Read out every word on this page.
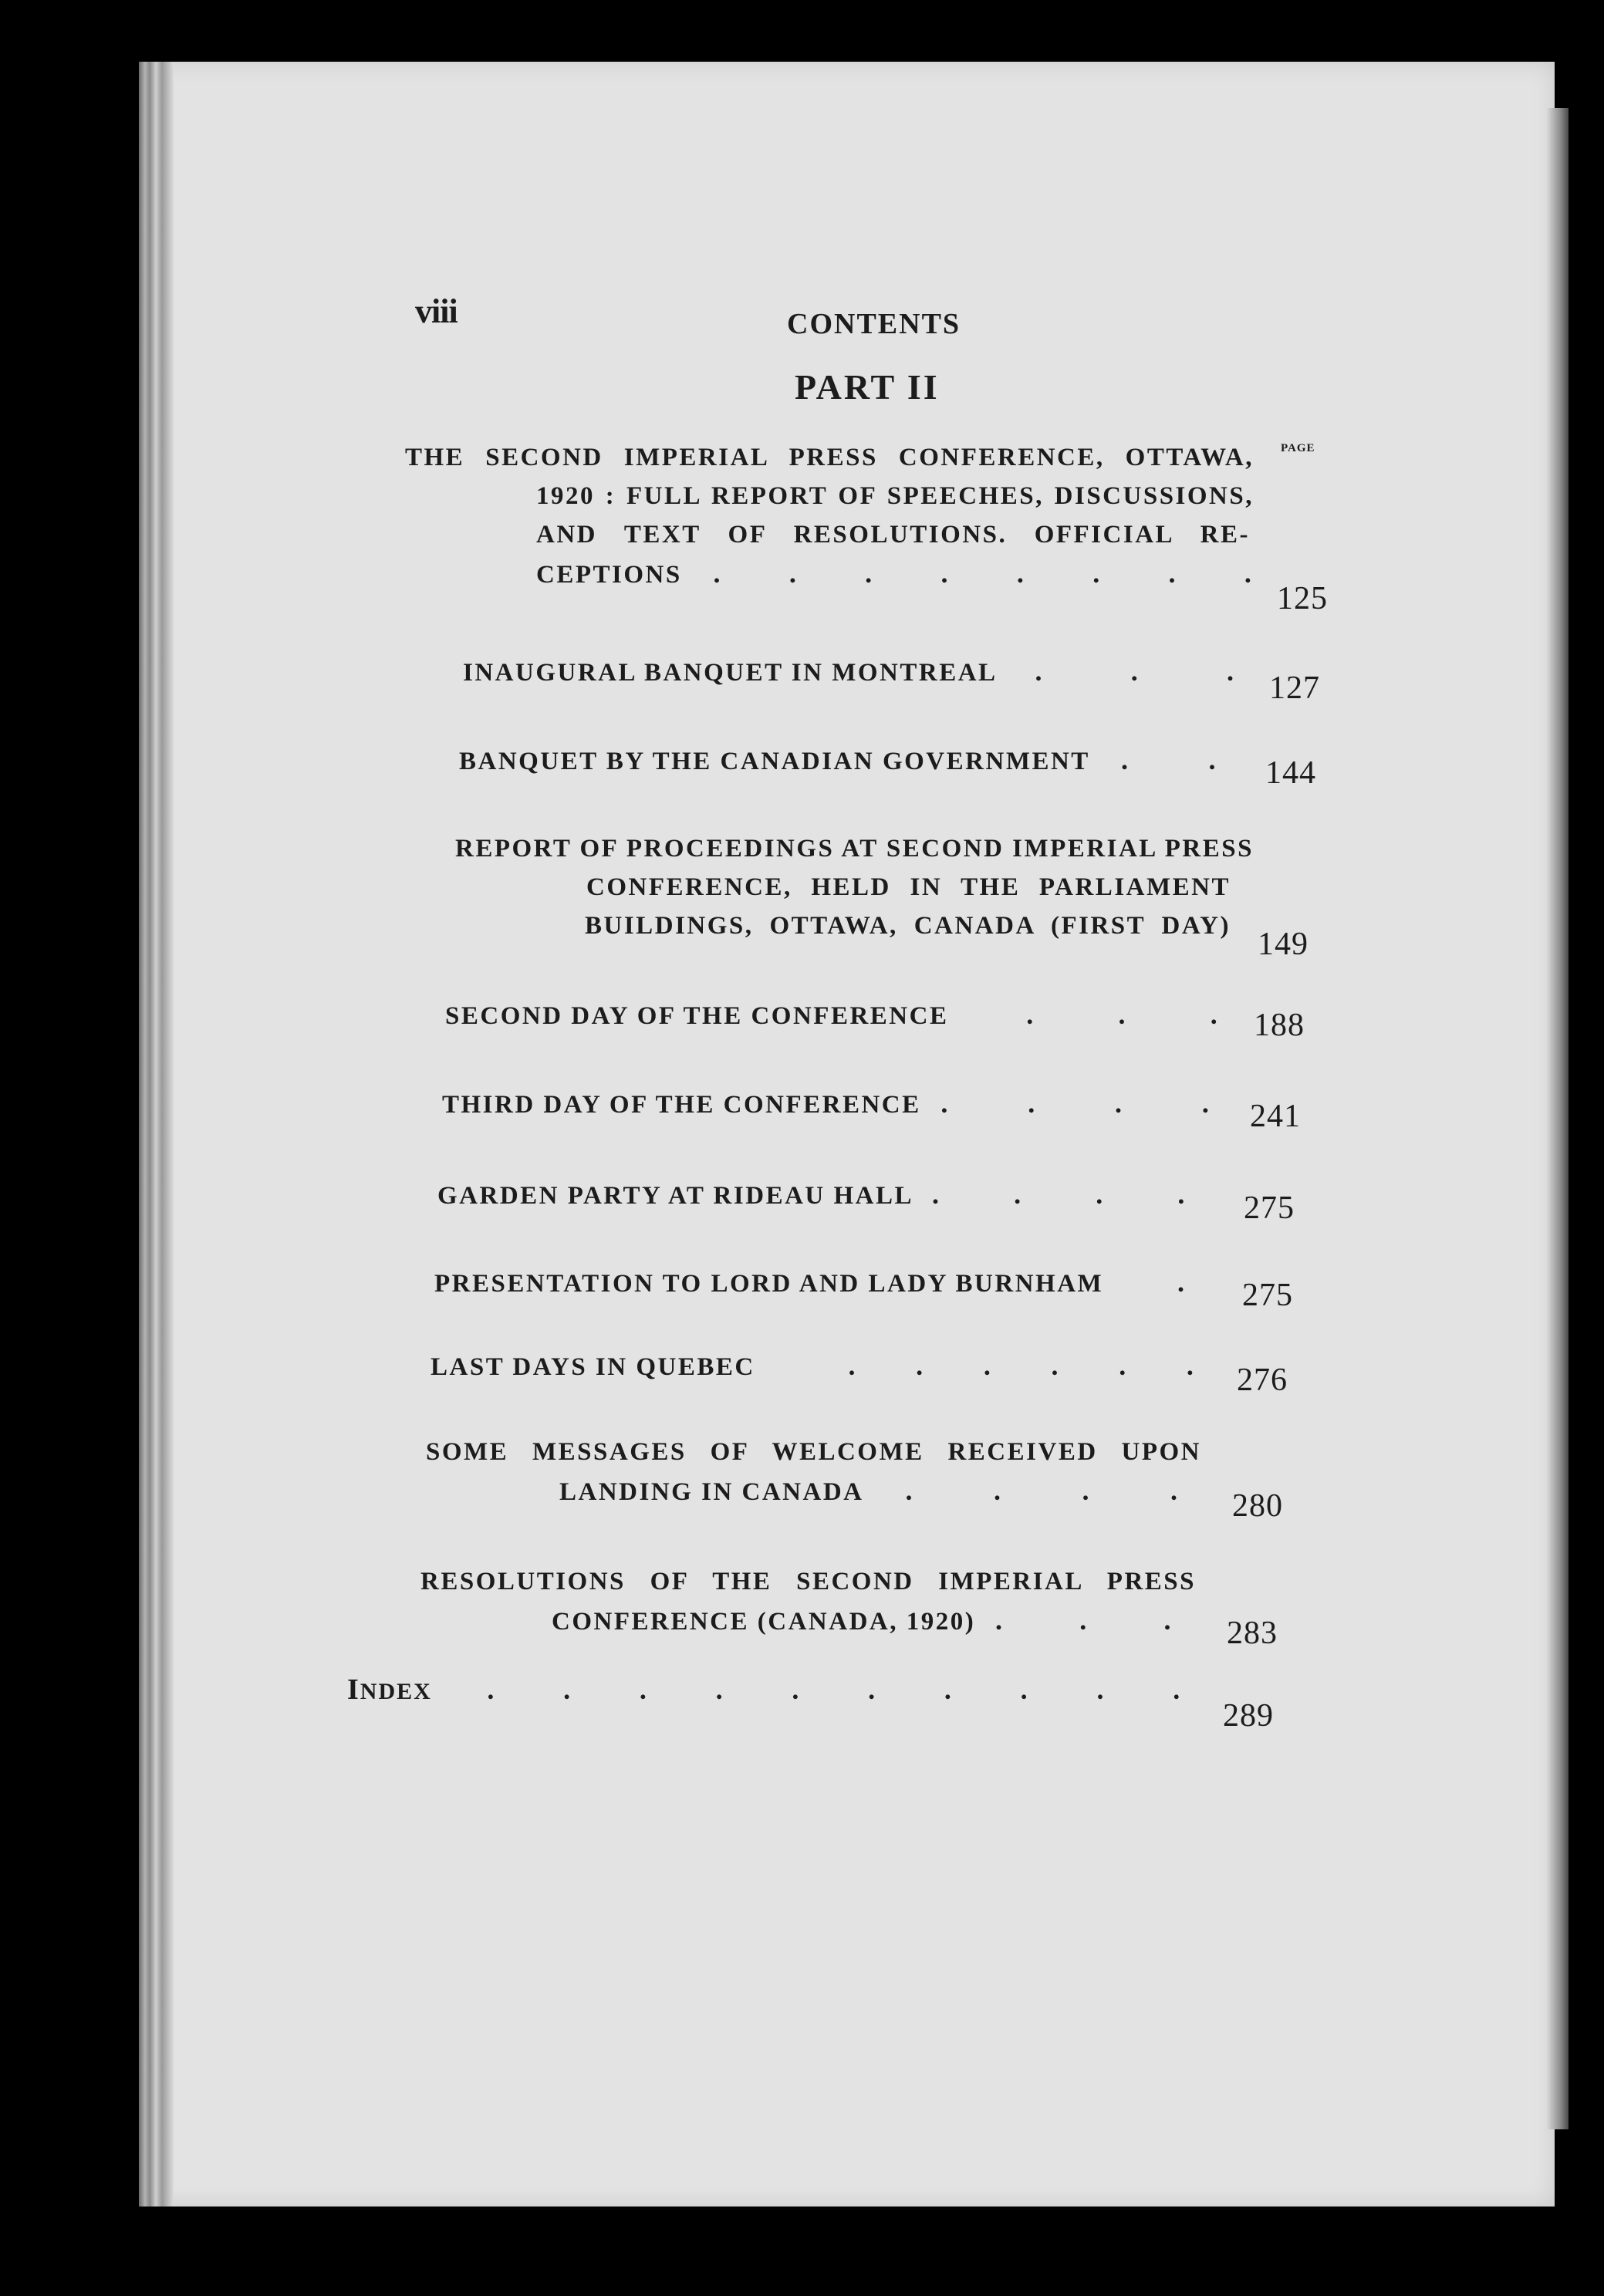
viii	CONTENTS
PART II
PAGE
THE SECOND IMPERIAL PRESS CONFERENCE, OTTAWA,
1920 : FULL REPORT OF SPEECHES, DISCUSSIONS,
AND TEXT OF RESOLUTIONS. OFFICIAL RE-
CEPTIONS . . . . . . . .
125
INAUGURAL BANQUET IN MONTREAL .	.	. 127
BANQUET BY THE CANADIAN GOVERNMENT .	. 144
REPORT OF PROCEEDINGS AT SECOND IMPERIAL PRESS
CONFERENCE, HELD IN THE PARLIAMENT
BUILDINGS, OTTAWA, CANADA (FIRST DAY)
149
SECOND DAY OF THE CONFERENCE	.	.	. 188
THIRD DAY OF THE CONFERENCE .	.	.	. 241
GARDEN PARTY AT RIDEAU HALL .	.	.	. 275
PRESENTATION TO LORD AND LADY BURNHAM	. 275
LAST DAYS IN QUEBEC	. . . . . . 276
SOME MESSAGES OF WELCOME RECEIVED UPON
LANDING IN CANADA .	.	.	. 280
RESOLUTIONS OF THE SECOND IMPERIAL PRESS
CONFERENCE (CANADA, 1920) .	.	. 283
INDEX . . . . . . . . . .
289
